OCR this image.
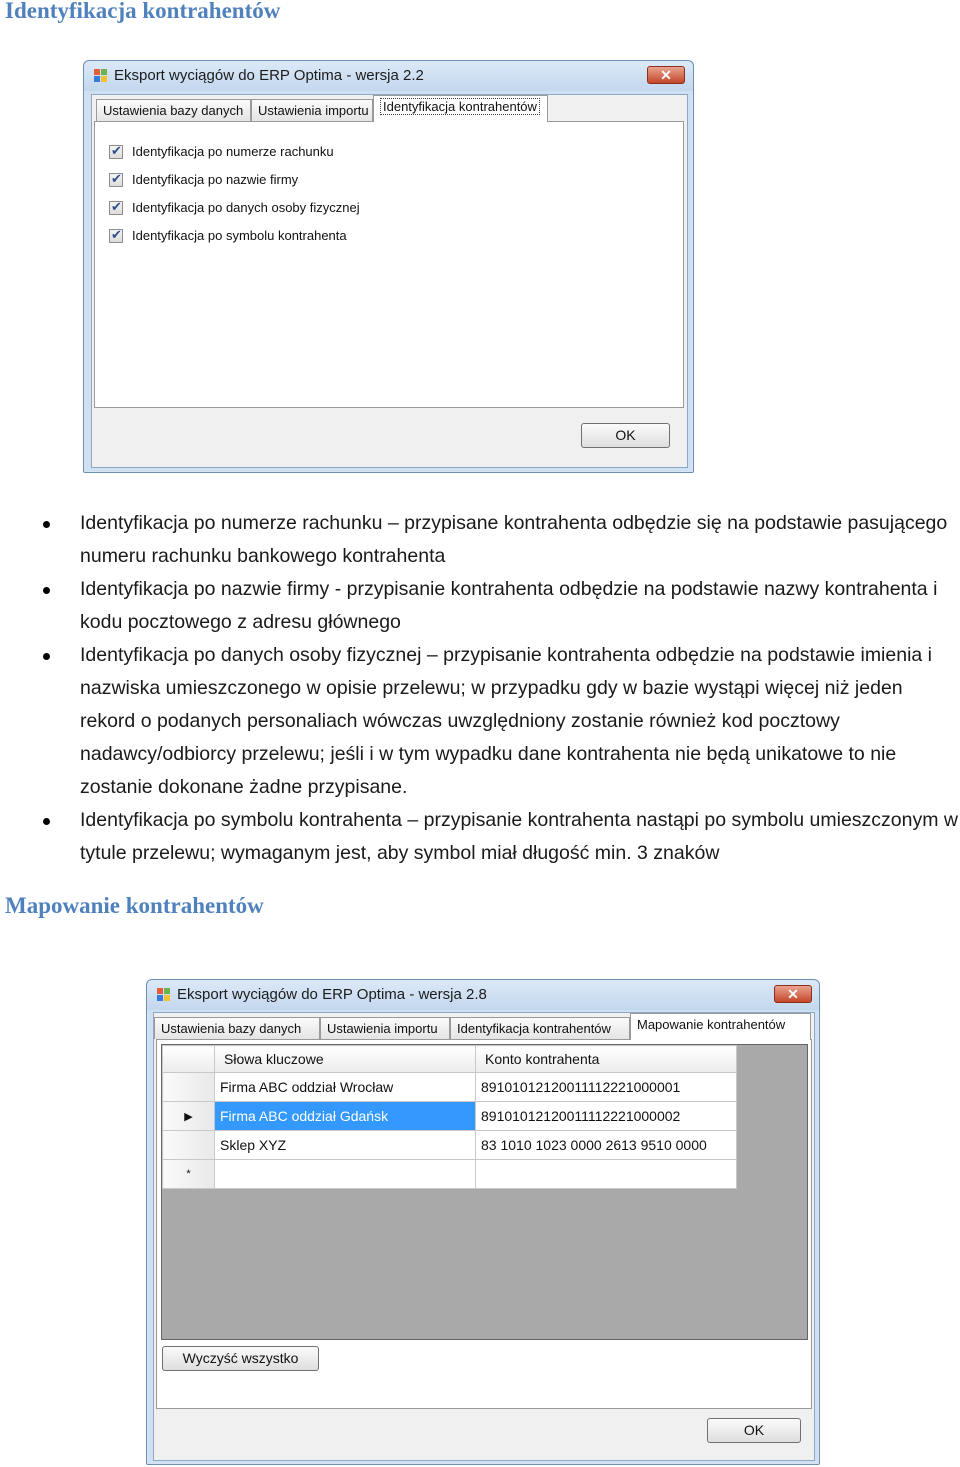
Identyfikacja kontrahentów
Eksport wyciągów do ERP Optima - wersja 2.2	✕
Ustawienia bazy danych	Ustawienia importu	Identyfikacja kontrahentów
✔Identyfikacja po numerze rachunku
✔Identyfikacja po nazwie firmy
✔Identyfikacja po danych osoby fizycznej
✔Identyfikacja po symbolu kontrahenta
OK
Identyfikacja po numerze rachunku – przypisane kontrahenta odbędzie się na podstawie pasującego numeru rachunku bankowego kontrahenta
Identyfikacja po nazwie firmy - przypisanie kontrahenta odbędzie na podstawie nazwy kontrahenta i kodu pocztowego z adresu głównego
Identyfikacja po danych osoby fizycznej – przypisanie kontrahenta odbędzie na podstawie imienia i nazwiska umieszczonego w opisie przelewu; w przypadku gdy w bazie wystąpi więcej niż jeden rekord o podanych personaliach wówczas uwzględniony zostanie również kod pocztowy nadawcy/odbiorcy przelewu; jeśli i w tym wypadku dane kontrahenta nie będą unikatowe to nie zostanie dokonane żadne przypisane.
Identyfikacja po symbolu kontrahenta – przypisanie kontrahenta nastąpi po symbolu umieszczonym w tytule przelewu; wymaganym jest, aby symbol miał długość min. 3 znaków
Mapowanie kontrahentów
Eksport wyciągów do ERP Optima - wersja 2.8	✕
Ustawienia bazy danych	Ustawienia importu	Identyfikacja kontrahentów	Mapowanie kontrahentów
	Słowa kluczowe	Konto kontrahenta
	Firma ABC oddział Wrocław	89101012120011112221000001
▶	Firma ABC oddział Gdańsk	89101012120011112221000002
	Sklep XYZ	83 1010 1023 0000 2613 9510 0000
*		
Wyczyść wszystko
OK
